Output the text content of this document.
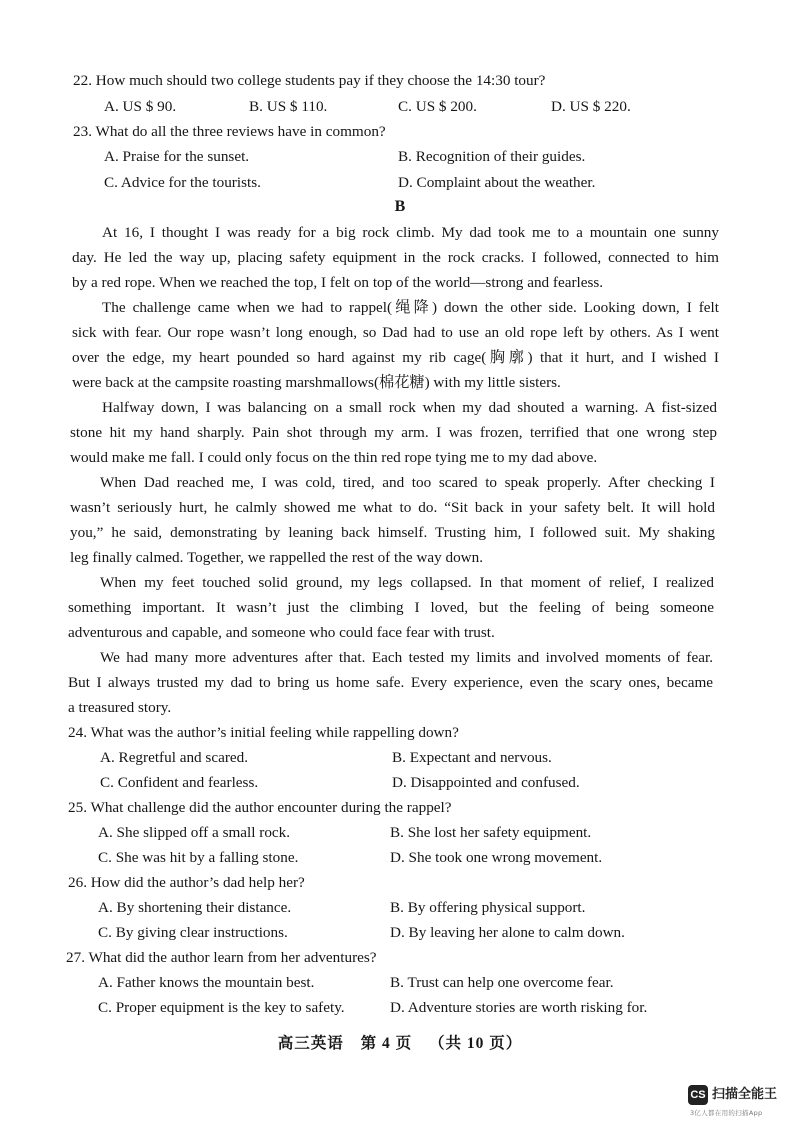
22. How much should two college students pay if they choose the 14:30 tour?
A. US $ 90.	B. US $ 110.	C. US $ 200.	D. US $ 220.
23. What do all the three reviews have in common?
A. Praise for the sunset.	B. Recognition of their guides.
C. Advice for the tourists.	D. Complaint about the weather.
B
At 16, I thought I was ready for a big rock climb. My dad took me to a mountain one sunny
day. He led the way up, placing safety equipment in the rock cracks. I followed, connected to him
by a red rope. When we reached the top, I felt on top of the world—strong and fearless.
The challenge came when we had to rappel(绳降) down the other side. Looking down, I felt
sick with fear. Our rope wasn’t long enough, so Dad had to use an old rope left by others. As I went
over the edge, my heart pounded so hard against my rib cage(胸廓) that it hurt, and I wished I
were back at the campsite roasting marshmallows(棉花糖) with my little sisters.
Halfway down, I was balancing on a small rock when my dad shouted a warning. A fist-sized
stone hit my hand sharply. Pain shot through my arm. I was frozen, terrified that one wrong step
would make me fall. I could only focus on the thin red rope tying me to my dad above.
When Dad reached me, I was cold, tired, and too scared to speak properly. After checking I
wasn’t seriously hurt, he calmly showed me what to do. “Sit back in your safety belt. It will hold
you,” he said, demonstrating by leaning back himself. Trusting him, I followed suit. My shaking
leg finally calmed. Together, we rappelled the rest of the way down.
When my feet touched solid ground, my legs collapsed. In that moment of relief, I realized
something important. It wasn’t just the climbing I loved, but the feeling of being someone
adventurous and capable, and someone who could face fear with trust.
We had many more adventures after that. Each tested my limits and involved moments of fear.
But I always trusted my dad to bring us home safe. Every experience, even the scary ones, became
a treasured story.
24. What was the author’s initial feeling while rappelling down?
A. Regretful and scared.	B. Expectant and nervous.
C. Confident and fearless.	D. Disappointed and confused.
25. What challenge did the author encounter during the rappel?
A. She slipped off a small rock.	B. She lost her safety equipment.
C. She was hit by a falling stone.	D. She took one wrong movement.
26. How did the author’s dad help her?
A. By shortening their distance.	B. By offering physical support.
C. By giving clear instructions.	D. By leaving her alone to calm down.
27. What did the author learn from her adventures?
A. Father knows the mountain best.	B. Trust can help one overcome fear.
C. Proper equipment is the key to safety.	D. Adventure stories are worth risking for.
高三英语 第 4 页 （共 10 页）
CS 扫描全能王
3亿人都在用的扫描App
